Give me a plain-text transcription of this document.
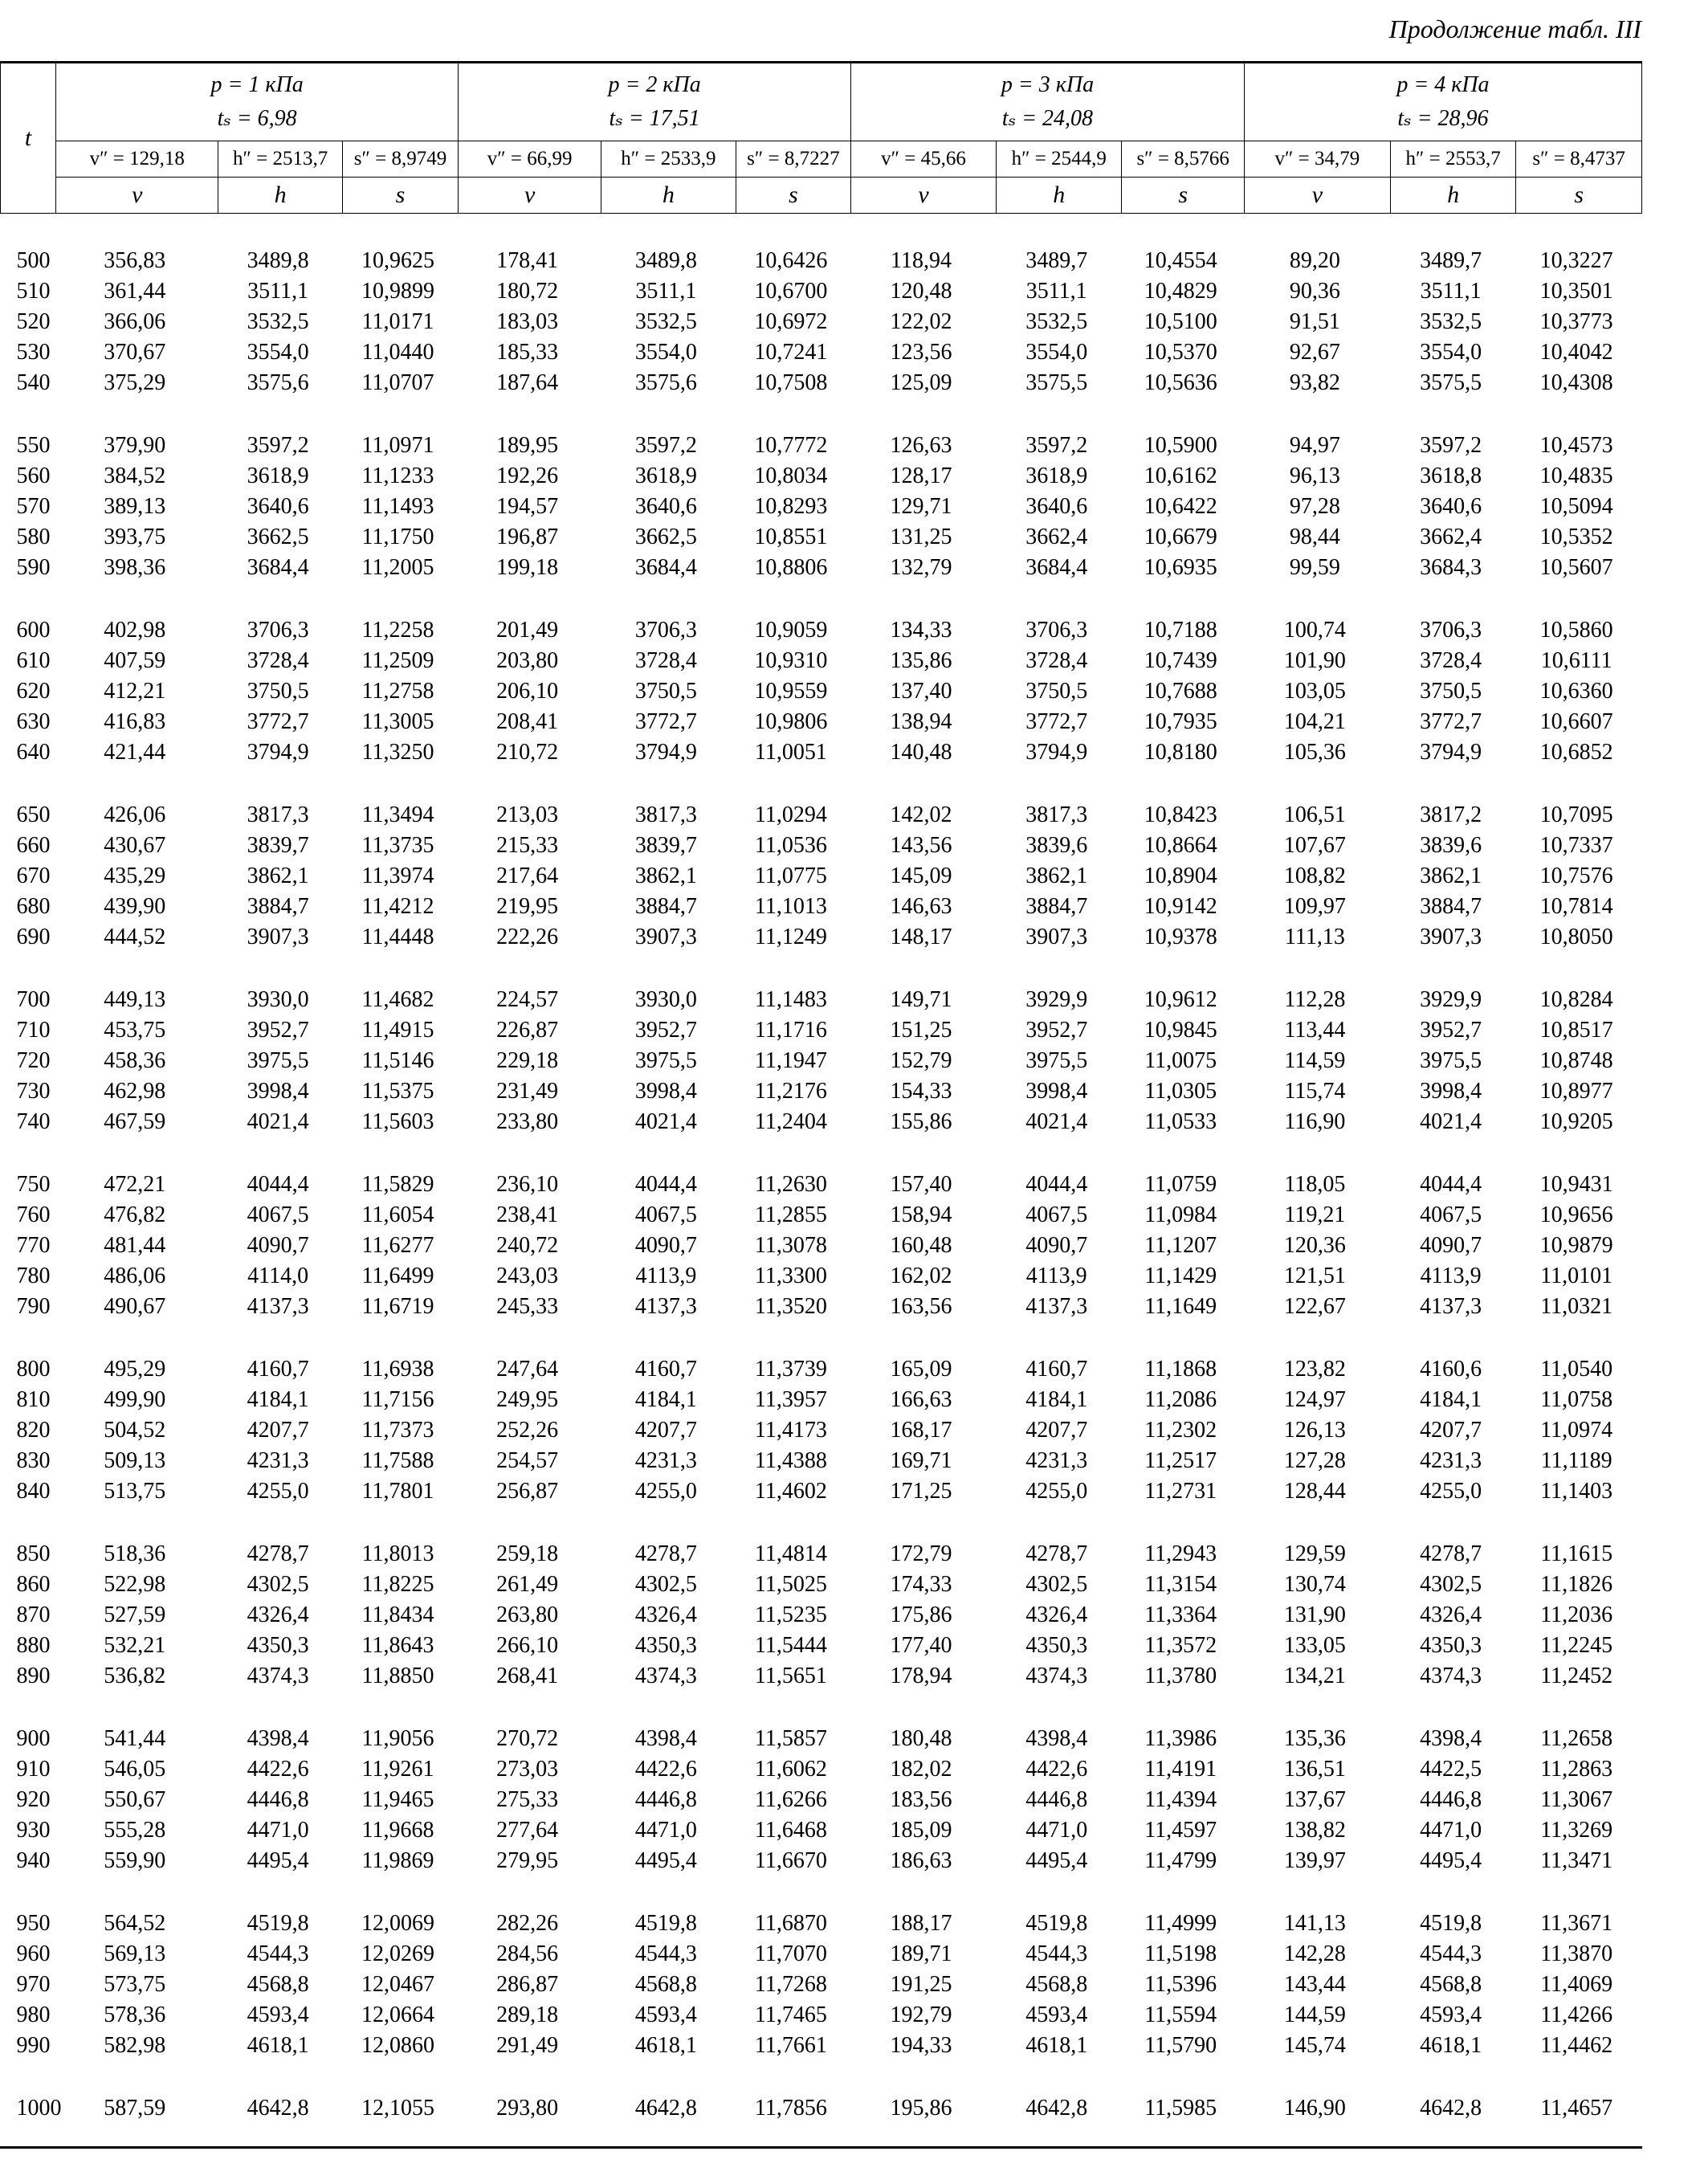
Продолжение табл. III
t	p = 1 кПа
tₛ = 6,98			p = 2 кПа
tₛ = 17,51			p = 3 кПа
tₛ = 24,08			p = 4 кПа
tₛ = 28,96		
	v″ = 129,18	h″ = 2513,7	s″ = 8,9749	v″ = 66,99	h″ = 2533,9	s″ = 8,7227	v″ = 45,66	h″ = 2544,9	s″ = 8,5766	v″ = 34,79	h″ = 2553,7	s″ = 8,4737
	v	h	s	v	h	s	v	h	s	v	h	s

500	356,83	3489,8	10,9625	178,41	3489,8	10,6426	118,94	3489,7	10,4554	89,20	3489,7	10,3227
510	361,44	3511,1	10,9899	180,72	3511,1	10,6700	120,48	3511,1	10,4829	90,36	3511,1	10,3501
520	366,06	3532,5	11,0171	183,03	3532,5	10,6972	122,02	3532,5	10,5100	91,51	3532,5	10,3773
530	370,67	3554,0	11,0440	185,33	3554,0	10,7241	123,56	3554,0	10,5370	92,67	3554,0	10,4042
540	375,29	3575,6	11,0707	187,64	3575,6	10,7508	125,09	3575,5	10,5636	93,82	3575,5	10,4308

550	379,90	3597,2	11,0971	189,95	3597,2	10,7772	126,63	3597,2	10,5900	94,97	3597,2	10,4573
560	384,52	3618,9	11,1233	192,26	3618,9	10,8034	128,17	3618,9	10,6162	96,13	3618,8	10,4835
570	389,13	3640,6	11,1493	194,57	3640,6	10,8293	129,71	3640,6	10,6422	97,28	3640,6	10,5094
580	393,75	3662,5	11,1750	196,87	3662,5	10,8551	131,25	3662,4	10,6679	98,44	3662,4	10,5352
590	398,36	3684,4	11,2005	199,18	3684,4	10,8806	132,79	3684,4	10,6935	99,59	3684,3	10,5607

600	402,98	3706,3	11,2258	201,49	3706,3	10,9059	134,33	3706,3	10,7188	100,74	3706,3	10,5860
610	407,59	3728,4	11,2509	203,80	3728,4	10,9310	135,86	3728,4	10,7439	101,90	3728,4	10,6111
620	412,21	3750,5	11,2758	206,10	3750,5	10,9559	137,40	3750,5	10,7688	103,05	3750,5	10,6360
630	416,83	3772,7	11,3005	208,41	3772,7	10,9806	138,94	3772,7	10,7935	104,21	3772,7	10,6607
640	421,44	3794,9	11,3250	210,72	3794,9	11,0051	140,48	3794,9	10,8180	105,36	3794,9	10,6852

650	426,06	3817,3	11,3494	213,03	3817,3	11,0294	142,02	3817,3	10,8423	106,51	3817,2	10,7095
660	430,67	3839,7	11,3735	215,33	3839,7	11,0536	143,56	3839,6	10,8664	107,67	3839,6	10,7337
670	435,29	3862,1	11,3974	217,64	3862,1	11,0775	145,09	3862,1	10,8904	108,82	3862,1	10,7576
680	439,90	3884,7	11,4212	219,95	3884,7	11,1013	146,63	3884,7	10,9142	109,97	3884,7	10,7814
690	444,52	3907,3	11,4448	222,26	3907,3	11,1249	148,17	3907,3	10,9378	111,13	3907,3	10,8050

700	449,13	3930,0	11,4682	224,57	3930,0	11,1483	149,71	3929,9	10,9612	112,28	3929,9	10,8284
710	453,75	3952,7	11,4915	226,87	3952,7	11,1716	151,25	3952,7	10,9845	113,44	3952,7	10,8517
720	458,36	3975,5	11,5146	229,18	3975,5	11,1947	152,79	3975,5	11,0075	114,59	3975,5	10,8748
730	462,98	3998,4	11,5375	231,49	3998,4	11,2176	154,33	3998,4	11,0305	115,74	3998,4	10,8977
740	467,59	4021,4	11,5603	233,80	4021,4	11,2404	155,86	4021,4	11,0533	116,90	4021,4	10,9205

750	472,21	4044,4	11,5829	236,10	4044,4	11,2630	157,40	4044,4	11,0759	118,05	4044,4	10,9431
760	476,82	4067,5	11,6054	238,41	4067,5	11,2855	158,94	4067,5	11,0984	119,21	4067,5	10,9656
770	481,44	4090,7	11,6277	240,72	4090,7	11,3078	160,48	4090,7	11,1207	120,36	4090,7	10,9879
780	486,06	4114,0	11,6499	243,03	4113,9	11,3300	162,02	4113,9	11,1429	121,51	4113,9	11,0101
790	490,67	4137,3	11,6719	245,33	4137,3	11,3520	163,56	4137,3	11,1649	122,67	4137,3	11,0321

800	495,29	4160,7	11,6938	247,64	4160,7	11,3739	165,09	4160,7	11,1868	123,82	4160,6	11,0540
810	499,90	4184,1	11,7156	249,95	4184,1	11,3957	166,63	4184,1	11,2086	124,97	4184,1	11,0758
820	504,52	4207,7	11,7373	252,26	4207,7	11,4173	168,17	4207,7	11,2302	126,13	4207,7	11,0974
830	509,13	4231,3	11,7588	254,57	4231,3	11,4388	169,71	4231,3	11,2517	127,28	4231,3	11,1189
840	513,75	4255,0	11,7801	256,87	4255,0	11,4602	171,25	4255,0	11,2731	128,44	4255,0	11,1403

850	518,36	4278,7	11,8013	259,18	4278,7	11,4814	172,79	4278,7	11,2943	129,59	4278,7	11,1615
860	522,98	4302,5	11,8225	261,49	4302,5	11,5025	174,33	4302,5	11,3154	130,74	4302,5	11,1826
870	527,59	4326,4	11,8434	263,80	4326,4	11,5235	175,86	4326,4	11,3364	131,90	4326,4	11,2036
880	532,21	4350,3	11,8643	266,10	4350,3	11,5444	177,40	4350,3	11,3572	133,05	4350,3	11,2245
890	536,82	4374,3	11,8850	268,41	4374,3	11,5651	178,94	4374,3	11,3780	134,21	4374,3	11,2452

900	541,44	4398,4	11,9056	270,72	4398,4	11,5857	180,48	4398,4	11,3986	135,36	4398,4	11,2658
910	546,05	4422,6	11,9261	273,03	4422,6	11,6062	182,02	4422,6	11,4191	136,51	4422,5	11,2863
920	550,67	4446,8	11,9465	275,33	4446,8	11,6266	183,56	4446,8	11,4394	137,67	4446,8	11,3067
930	555,28	4471,0	11,9668	277,64	4471,0	11,6468	185,09	4471,0	11,4597	138,82	4471,0	11,3269
940	559,90	4495,4	11,9869	279,95	4495,4	11,6670	186,63	4495,4	11,4799	139,97	4495,4	11,3471

950	564,52	4519,8	12,0069	282,26	4519,8	11,6870	188,17	4519,8	11,4999	141,13	4519,8	11,3671
960	569,13	4544,3	12,0269	284,56	4544,3	11,7070	189,71	4544,3	11,5198	142,28	4544,3	11,3870
970	573,75	4568,8	12,0467	286,87	4568,8	11,7268	191,25	4568,8	11,5396	143,44	4568,8	11,4069
980	578,36	4593,4	12,0664	289,18	4593,4	11,7465	192,79	4593,4	11,5594	144,59	4593,4	11,4266
990	582,98	4618,1	12,0860	291,49	4618,1	11,7661	194,33	4618,1	11,5790	145,74	4618,1	11,4462

1000	587,59	4642,8	12,1055	293,80	4642,8	11,7856	195,86	4642,8	11,5985	146,90	4642,8	11,4657
